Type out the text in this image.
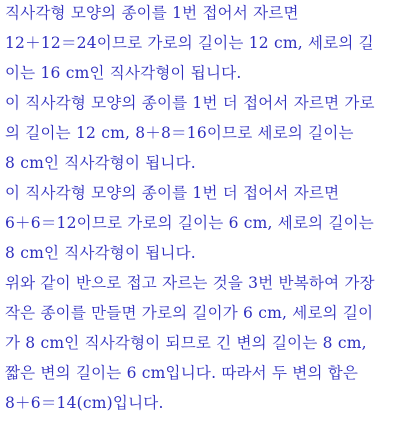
직사각형 모양의 종이를 1번 접어서 자르면
12＋12＝24이므로 가로의 길이는 12 cm, 세로의 길
이는 16 cm인 직사각형이 됩니다.
이 직사각형 모양의 종이를 1번 더 접어서 자르면 가로
의 길이는 12 cm, 8＋8＝16이므로 세로의 길이는
8 cm인 직사각형이 됩니다.
이 직사각형 모양의 종이를 1번 더 접어서 자르면
6＋6＝12이므로 가로의 길이는 6 cm, 세로의 길이는
8 cm인 직사각형이 됩니다.
위와 같이 반으로 접고 자르는 것을 3번 반복하여 가장
작은 종이를 만들면 가로의 길이가 6 cm, 세로의 길이
가 8 cm인 직사각형이 되므로 긴 변의 길이는 8 cm,
짧은 변의 길이는 6 cm입니다. 따라서 두 변의 합은
8＋6＝14(cm)입니다.
